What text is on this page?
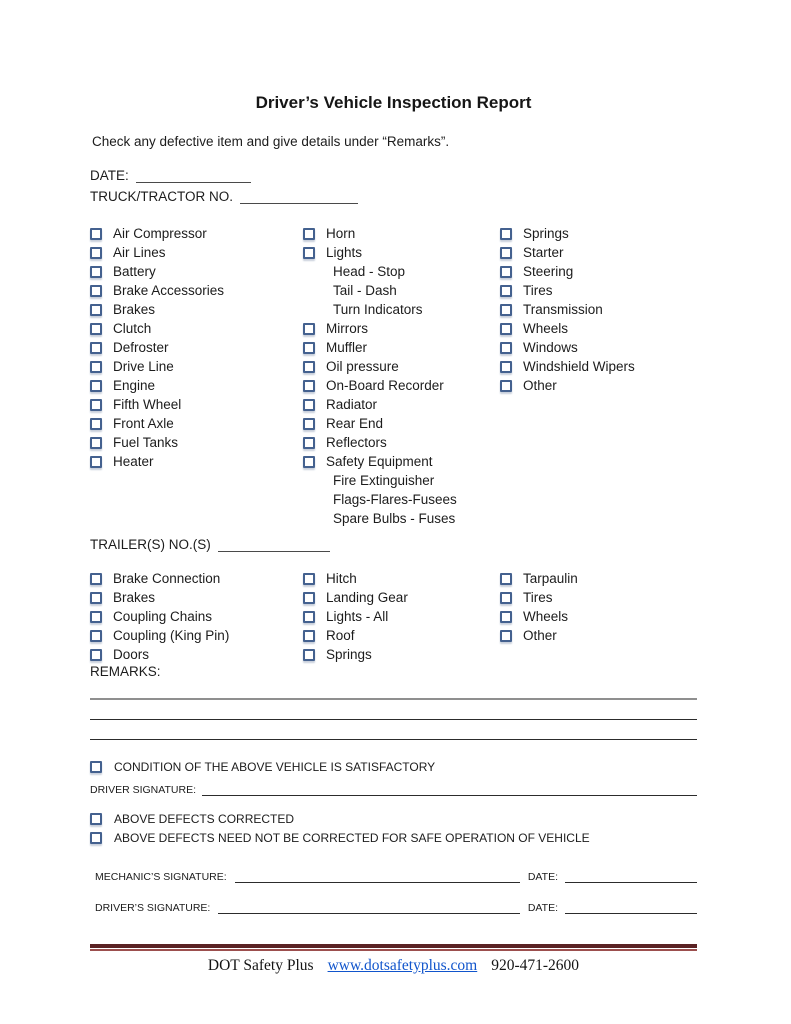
Driver’s Vehicle Inspection Report

Check any defective item and give details under “Remarks”.

DATE:
TRUCK/TRACTOR NO.
Air Compressor
Air Lines
Battery
Brake Accessories
Brakes
Clutch
Defroster
Drive Line
Engine
Fifth Wheel
Front Axle
Fuel Tanks
Heater
Horn
Lights
Head - Stop
Tail - Dash
Turn Indicators
Mirrors
Muffler
Oil pressure
On-Board Recorder
Radiator
Rear End
Reflectors
Safety Equipment
Fire Extinguisher
Flags-Flares-Fusees
Spare Bulbs - Fuses
Springs
Starter
Steering
Tires
Transmission
Wheels
Windows
Windshield Wipers
Other
TRAILER(S) NO.(S)
Brake Connection
Brakes
Coupling Chains
Coupling (King Pin)
Doors
Hitch
Landing Gear
Lights - All
Roof
Springs
Tarpaulin
Tires
Wheels
Other
REMARKS:
CONDITION OF THE ABOVE VEHICLE IS SATISFACTORY
DRIVER SIGNATURE:
ABOVE DEFECTS CORRECTED
ABOVE DEFECTS NEED NOT BE CORRECTED FOR SAFE OPERATION OF VEHICLE
MECHANIC’S SIGNATURE:	DATE:
DRIVER’S SIGNATURE:	DATE:
DOT Safety Plus www.dotsafetyplus.com 920-471-2600
